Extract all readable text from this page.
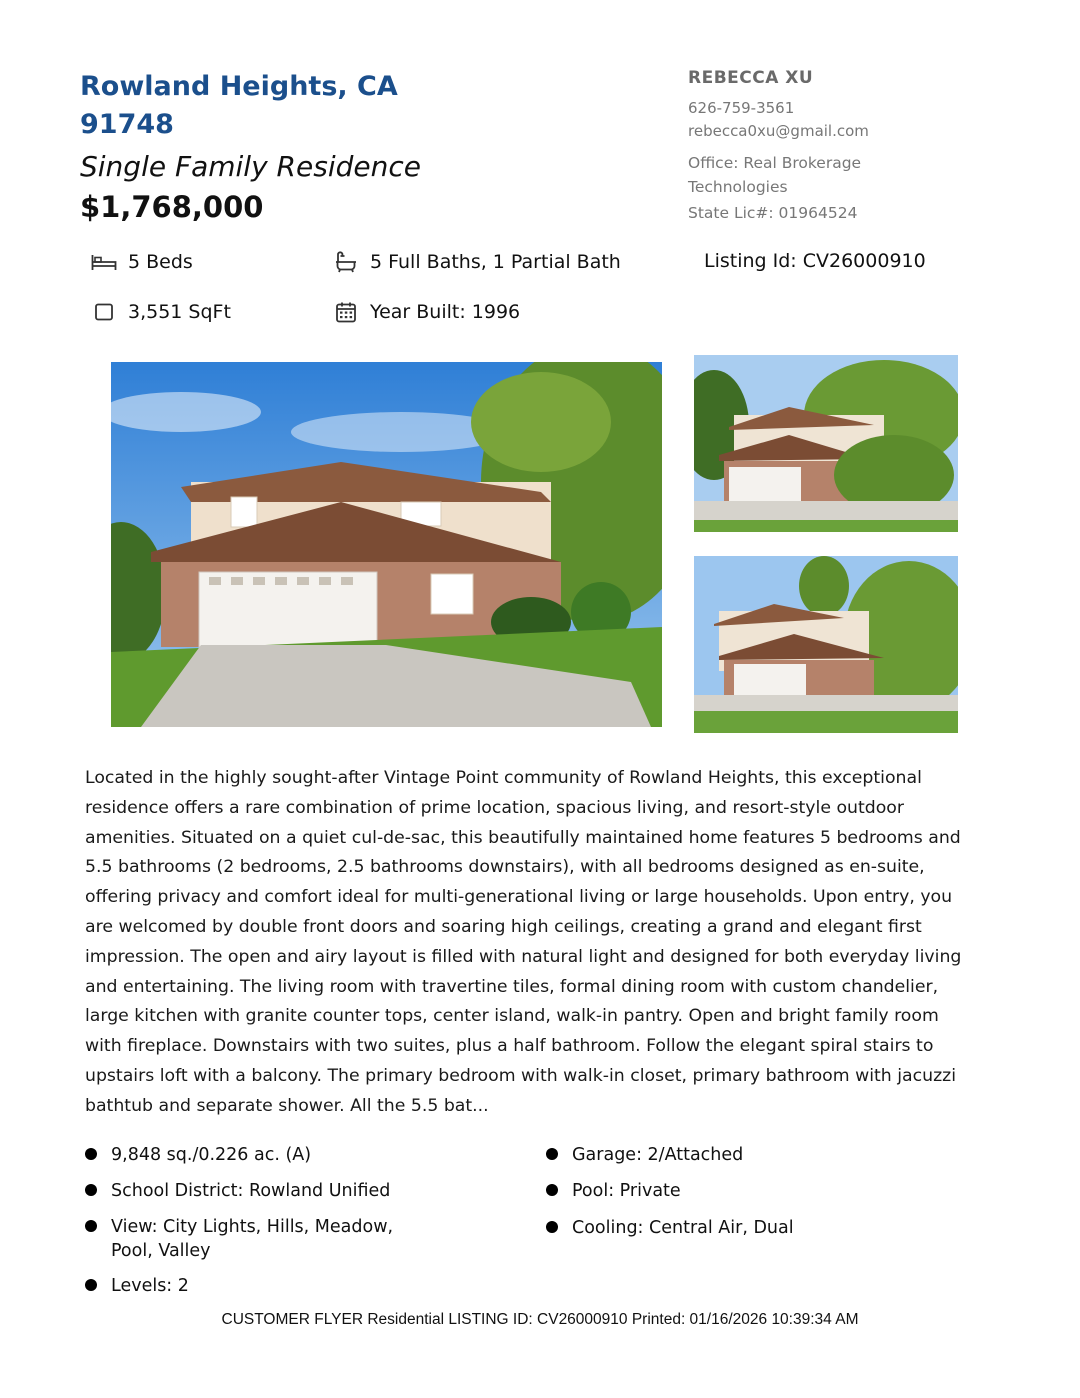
Rowland Heights, CA
91748
Single Family Residence
$1,768,000
REBECCA XU
626-759-3561
rebecca0xu@gmail.com
Office: Real Brokerage
Technologies
State Lic#: 01964524
5 Beds	5 Full Baths, 1 Partial Bath	Listing Id: CV26000910
3,551 SqFt	Year Built: 1996
Located in the highly sought-after Vintage Point community of Rowland Heights, this exceptional residence offers a rare combination of prime location, spacious living, and resort-style outdoor amenities. Situated on a quiet cul-de-sac, this beautifully maintained home features 5 bedrooms and 5.5 bathrooms (2 bedrooms, 2.5 bathrooms downstairs), with all bedrooms designed as en-suite, offering privacy and comfort ideal for multi-generational living or large households. Upon entry, you are welcomed by double front doors and soaring high ceilings, creating a grand and elegant first impression. The open and airy layout is filled with natural light and designed for both everyday living and entertaining. The living room with travertine tiles, formal dining room with custom chandelier, large kitchen with granite counter tops, center island, walk-in pantry. Open and bright family room with fireplace. Downstairs with two suites, plus a half bathroom. Follow the elegant spiral stairs to upstairs loft with a balcony. The primary bedroom with walk-in closet, primary bathroom with jacuzzi bathtub and separate shower. All the 5.5 bat...
9,848 sq./0.226 ac. (A)
School District: Rowland Unified
View: City Lights, Hills, Meadow, Pool, Valley
Levels: 2
Garage: 2/Attached
Pool: Private
Cooling: Central Air, Dual
CUSTOMER FLYER Residential LISTING ID: CV26000910 Printed: 01/16/2026 10:39:34 AM
